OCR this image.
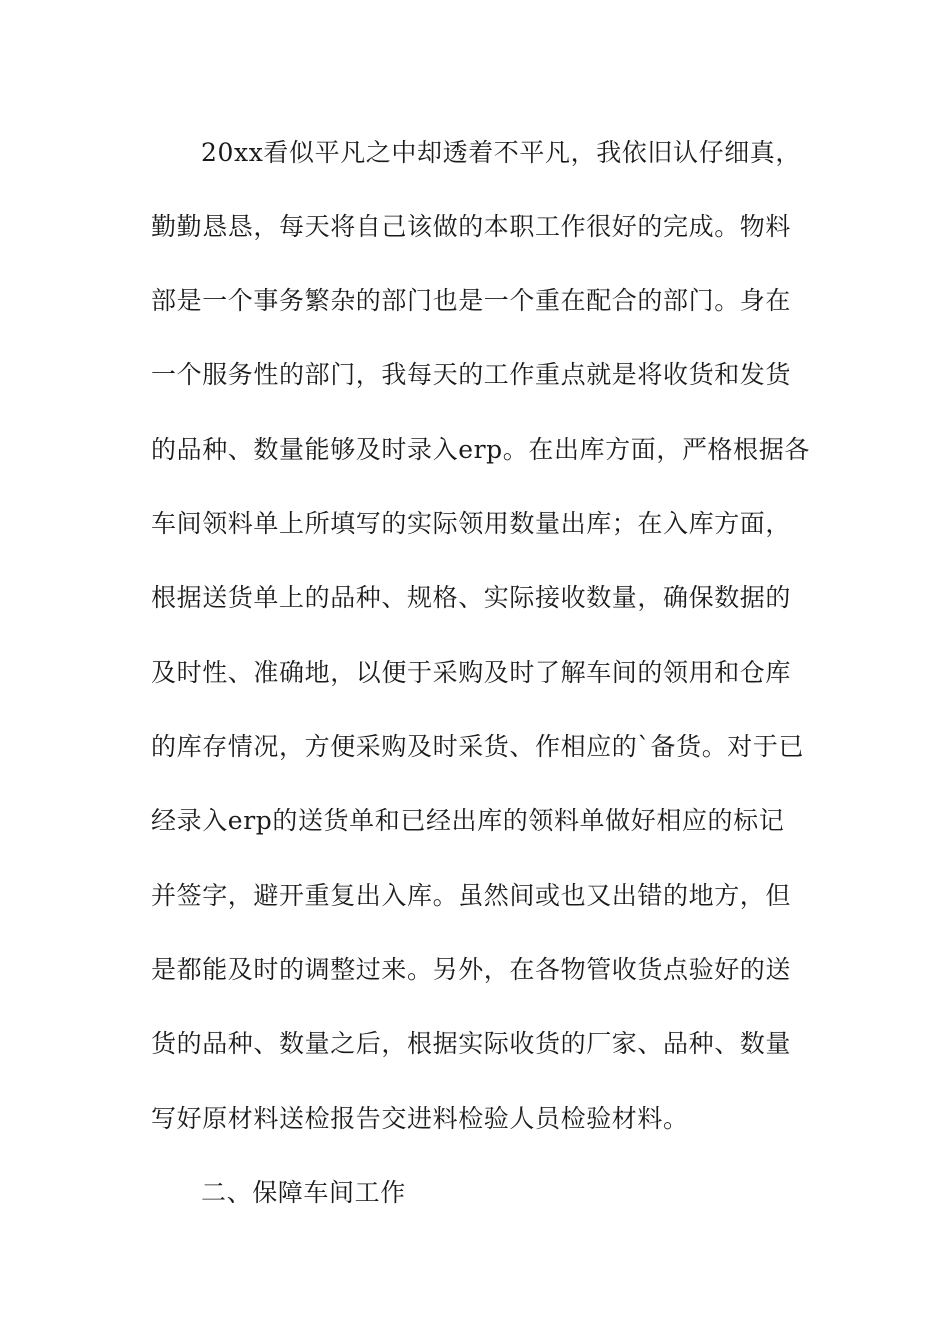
20xx看似平凡之中却透着不平凡，我依旧认仔细真，
勤勤恳恳，每天将自己该做的本职工作很好的完成。物料
部是一个事务繁杂的部门也是一个重在配合的部门。身在
一个服务性的部门，我每天的工作重点就是将收货和发货
的品种、数量能够及时录入erp。在出库方面，严格根据各
车间领料单上所填写的实际领用数量出库；在入库方面，
根据送货单上的品种、规格、实际接收数量，确保数据的
及时性、准确地，以便于采购及时了解车间的领用和仓库
的库存情况，方便采购及时采货、作相应的`备货。对于已
经录入erp的送货单和已经出库的领料单做好相应的标记
并签字，避开重复出入库。虽然间或也又出错的地方，但
是都能及时的调整过来。另外，在各物管收货点验好的送
货的品种、数量之后，根据实际收货的厂家、品种、数量
写好原材料送检报告交进料检验人员检验材料。
二、保障车间工作
